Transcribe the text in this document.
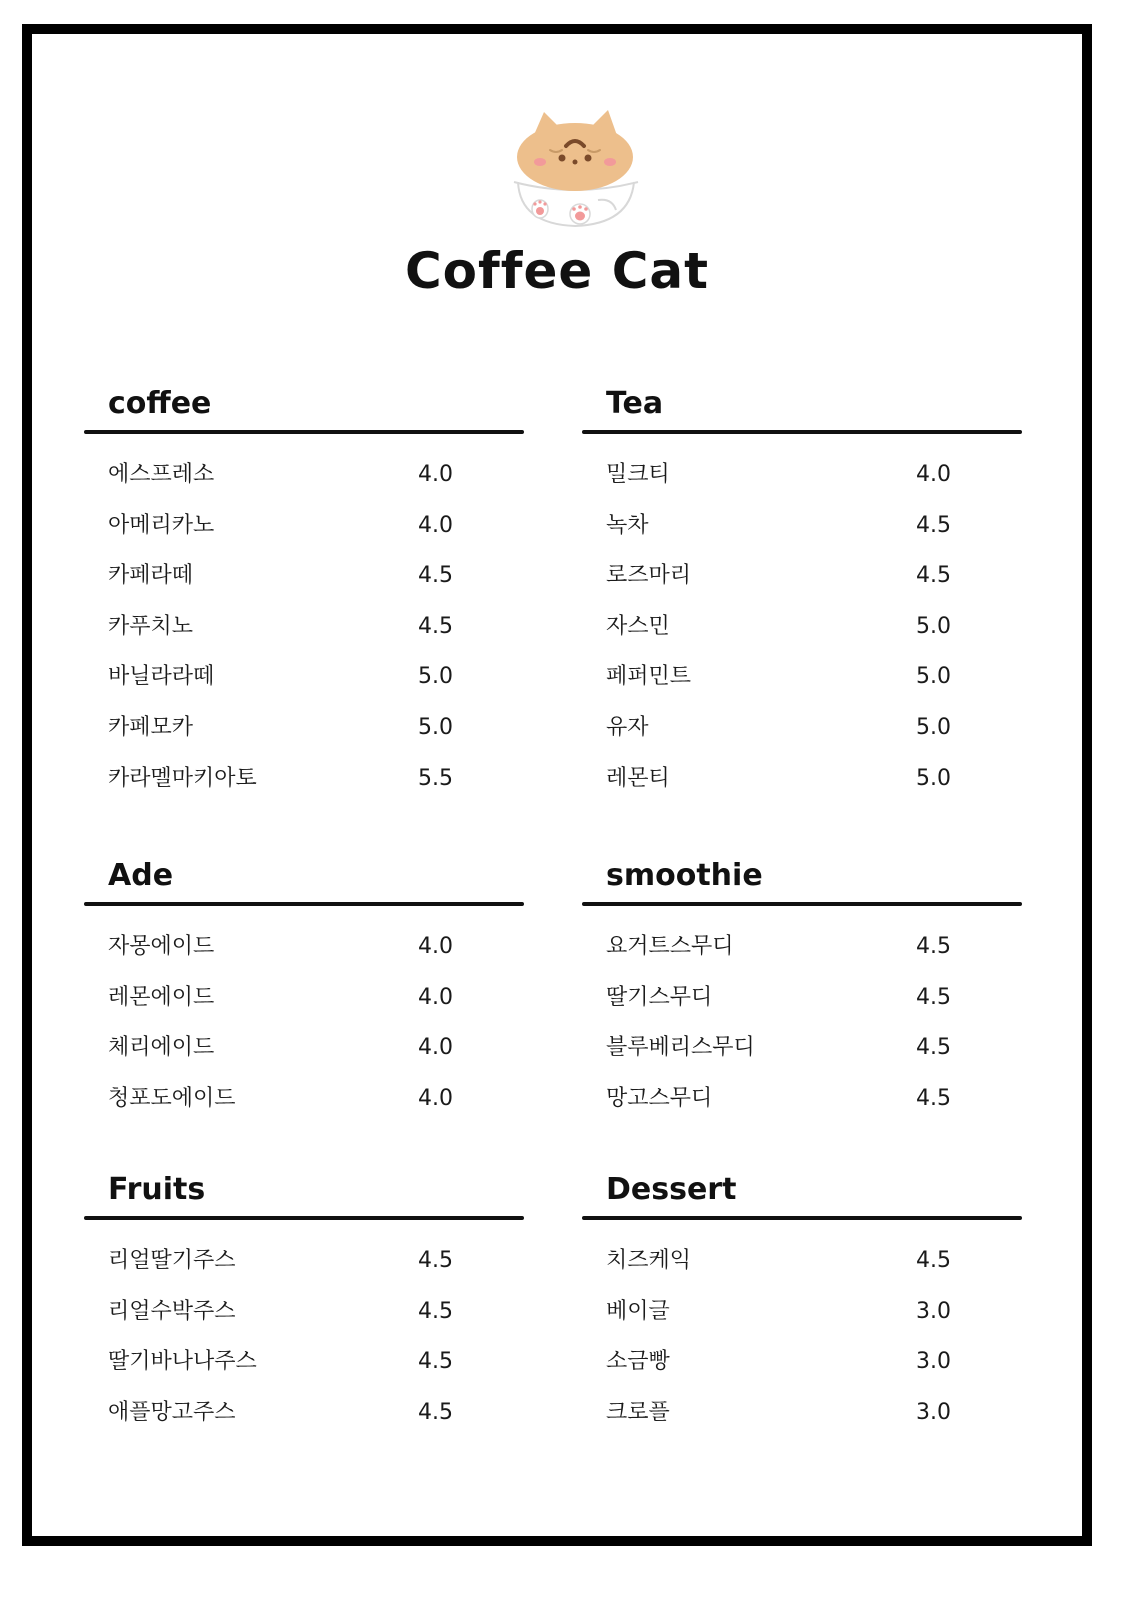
Coffee Cat
coffee
에스프레소	4.0
아메리카노	4.0
카페라떼	4.5
카푸치노	4.5
바닐라라떼	5.0
카페모카	5.0
카라멜마키아토	5.5
Tea
밀크티	4.0
녹차	4.5
로즈마리	4.5
자스민	5.0
페퍼민트	5.0
유자	5.0
레몬티	5.0
Ade
자몽에이드	4.0
레몬에이드	4.0
체리에이드	4.0
청포도에이드	4.0
smoothie
요거트스무디	4.5
딸기스무디	4.5
블루베리스무디	4.5
망고스무디	4.5
Fruits
리얼딸기주스	4.5
리얼수박주스	4.5
딸기바나나주스	4.5
애플망고주스	4.5
Dessert
치즈케익	4.5
베이글	3.0
소금빵	3.0
크로플	3.0
